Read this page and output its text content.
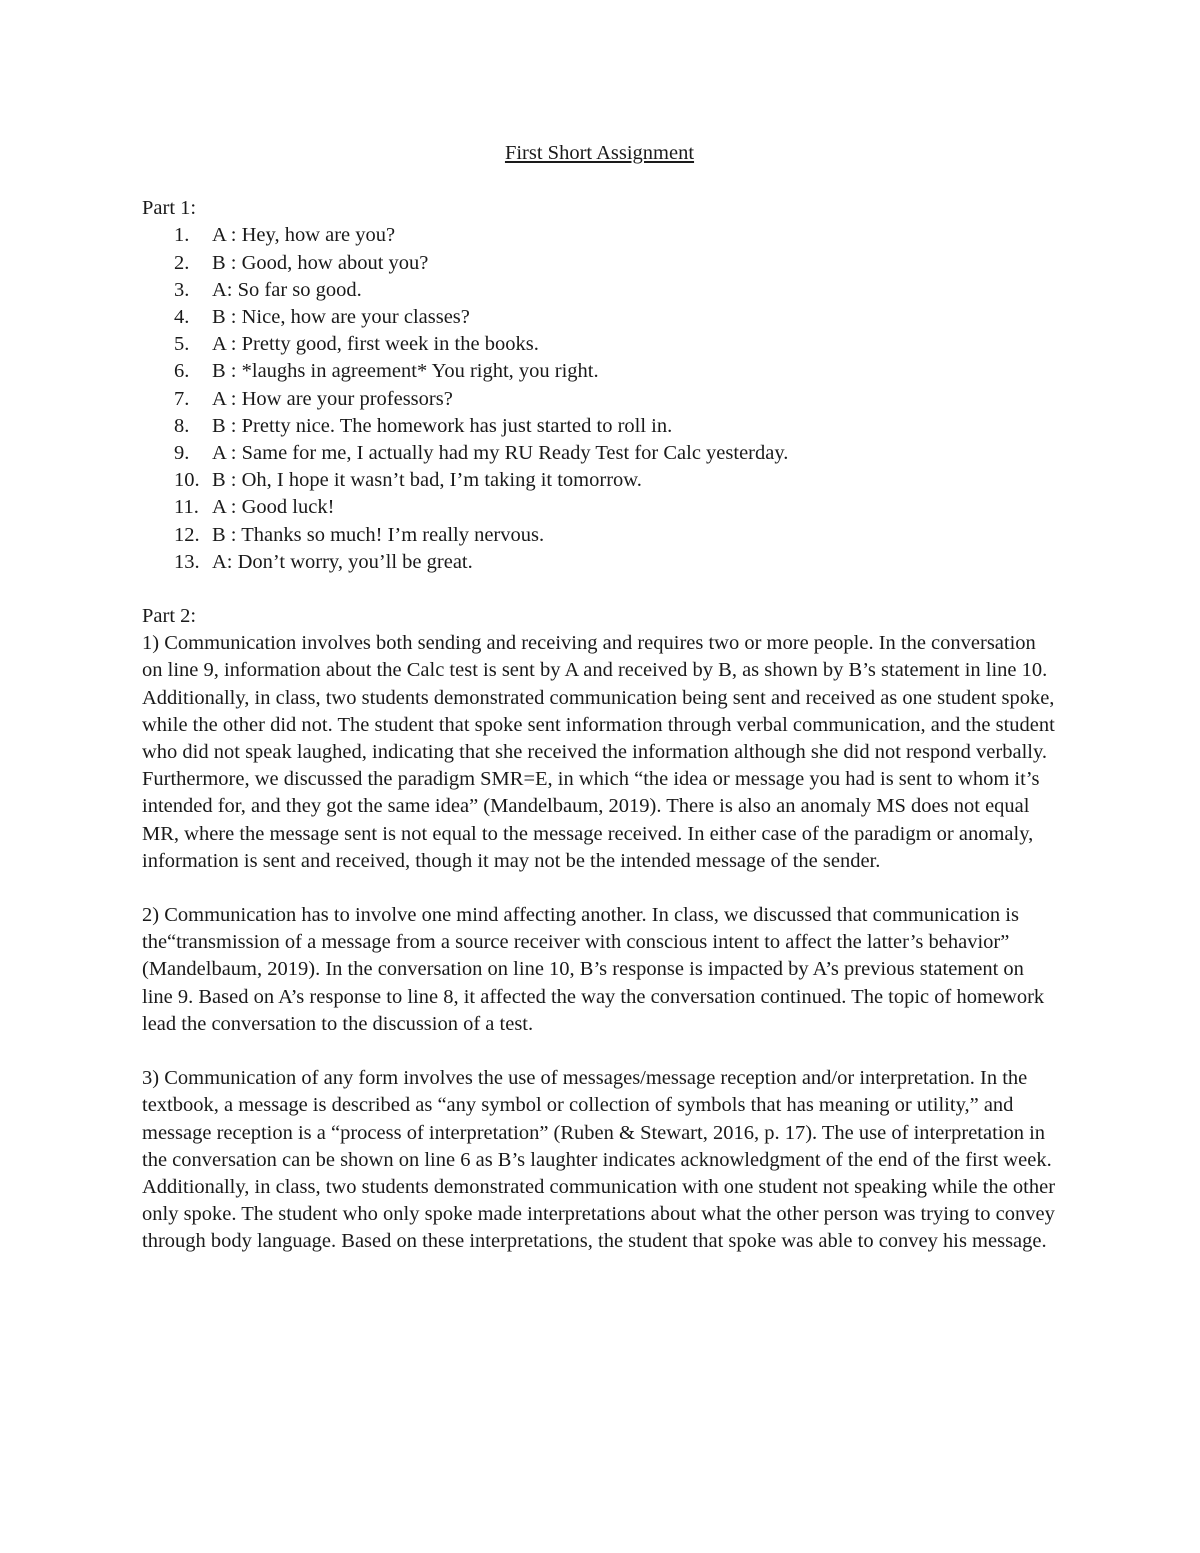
First Short Assignment

Part 1:

1.	A : Hey, how are you?
2.	B : Good, how about you?
3.	A: So far so good.
4.	B : Nice, how are your classes?
5.	A : Pretty good, first week in the books.
6.	B : *laughs in agreement* You right, you right.
7.	A : How are your professors?
8.	B : Pretty nice. The homework has just started to roll in.
9.	A : Same for me, I actually had my RU Ready Test for Calc yesterday.
10. B : Oh, I hope it wasn’t bad, I’m taking it tomorrow.
11. A : Good luck!
12. B : Thanks so much! I’m really nervous.
13. A: Don’t worry, you’ll be great.

Part 2:

1) Communication involves both sending and receiving and requires two or more people. In the conversation on line 9, information about the Calc test is sent by A and received by B, as shown by B’s statement in line 10. Additionally, in class, two students demonstrated communication being sent and received as one student spoke, while the other did not. The student that spoke sent information through verbal communication, and the student who did not speak laughed, indicating that she received the information although she did not respond verbally. Furthermore, we discussed the paradigm SMR=E, in which “the idea or message you had is sent to whom it’s intended for, and they got the same idea” (Mandelbaum, 2019). There is also an anomaly MS does not equal MR, where the message sent is not equal to the message received. In either case of the paradigm or anomaly, information is sent and received, though it may not be the intended message of the sender.

2) Communication has to involve one mind affecting another. In class, we discussed that communication is the“transmission of a message from a source receiver with conscious intent to affect the latter’s behavior” (Mandelbaum, 2019). In the conversation on line 10, B’s response is impacted by A’s previous statement on line 9. Based on A’s response to line 8, it affected the way the conversation continued. The topic of homework lead the conversation to the discussion of a test.

3) Communication of any form involves the use of messages/message reception and/or interpretation. In the textbook, a message is described as “any symbol or collection of symbols that has meaning or utility,” and message reception is a “process of interpretation” (Ruben & Stewart, 2016, p. 17). The use of interpretation in the conversation can be shown on line 6 as B’s laughter indicates acknowledgment of the end of the first week. Additionally, in class, two students demonstrated communication with one student not speaking while the other only spoke. The student who only spoke made interpretations about what the other person was trying to convey through body language. Based on these interpretations, the student that spoke was able to convey his message.
